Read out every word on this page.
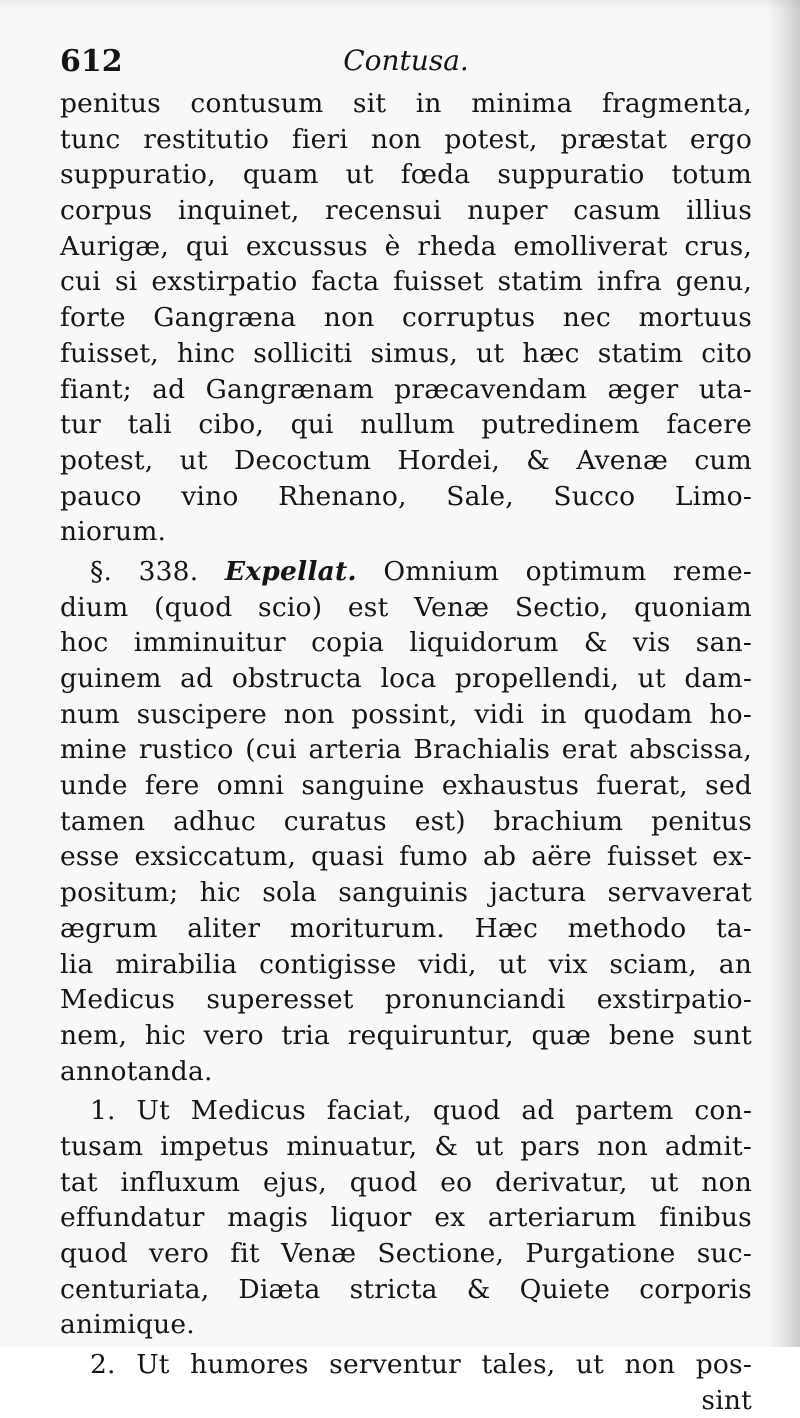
612	Contusa.
penitus contusum sit in minima fragmenta,
tunc restitutio fieri non potest, præstat ergo
suppuratio, quam ut fœda suppuratio totum
corpus inquinet, recensui nuper casum illius
Aurigæ, qui excussus è rheda emolliverat crus,
cui si exstirpatio facta fuisset statim infra genu,
forte Gangræna non corruptus nec mortuus
fuisset, hinc solliciti simus, ut hæc statim cito
fiant; ad Gangrænam præcavendam æger uta-
tur tali cibo, qui nullum putredinem facere
potest, ut Decoctum Hordei, & Avenæ cum
pauco vino Rhenano, Sale, Succo Limo-
niorum.
§. 338. Expellat. Omnium optimum reme-
dium (quod scio) est Venæ Sectio, quoniam
hoc imminuitur copia liquidorum & vis san-
guinem ad obstructa loca propellendi, ut dam-
num suscipere non possint, vidi in quodam ho-
mine rustico (cui arteria Brachialis erat abscissa,
unde fere omni sanguine exhaustus fuerat, sed
tamen adhuc curatus est) brachium penitus
esse exsiccatum, quasi fumo ab aëre fuisset ex-
positum; hic sola sanguinis jactura servaverat
ægrum aliter moriturum. Hæc methodo ta-
lia mirabilia contigisse vidi, ut vix sciam, an
Medicus superesset pronunciandi exstirpatio-
nem, hic vero tria requiruntur, quæ bene sunt
annotanda.
1. Ut Medicus faciat, quod ad partem con-
tusam impetus minuatur, & ut pars non admit-
tat influxum ejus, quod eo derivatur, ut non
effundatur magis liquor ex arteriarum finibus
quod vero fit Venæ Sectione, Purgatione suc-
centuriata, Diæta stricta & Quiete corporis
animique.
2. Ut humores serventur tales, ut non pos-
sint
